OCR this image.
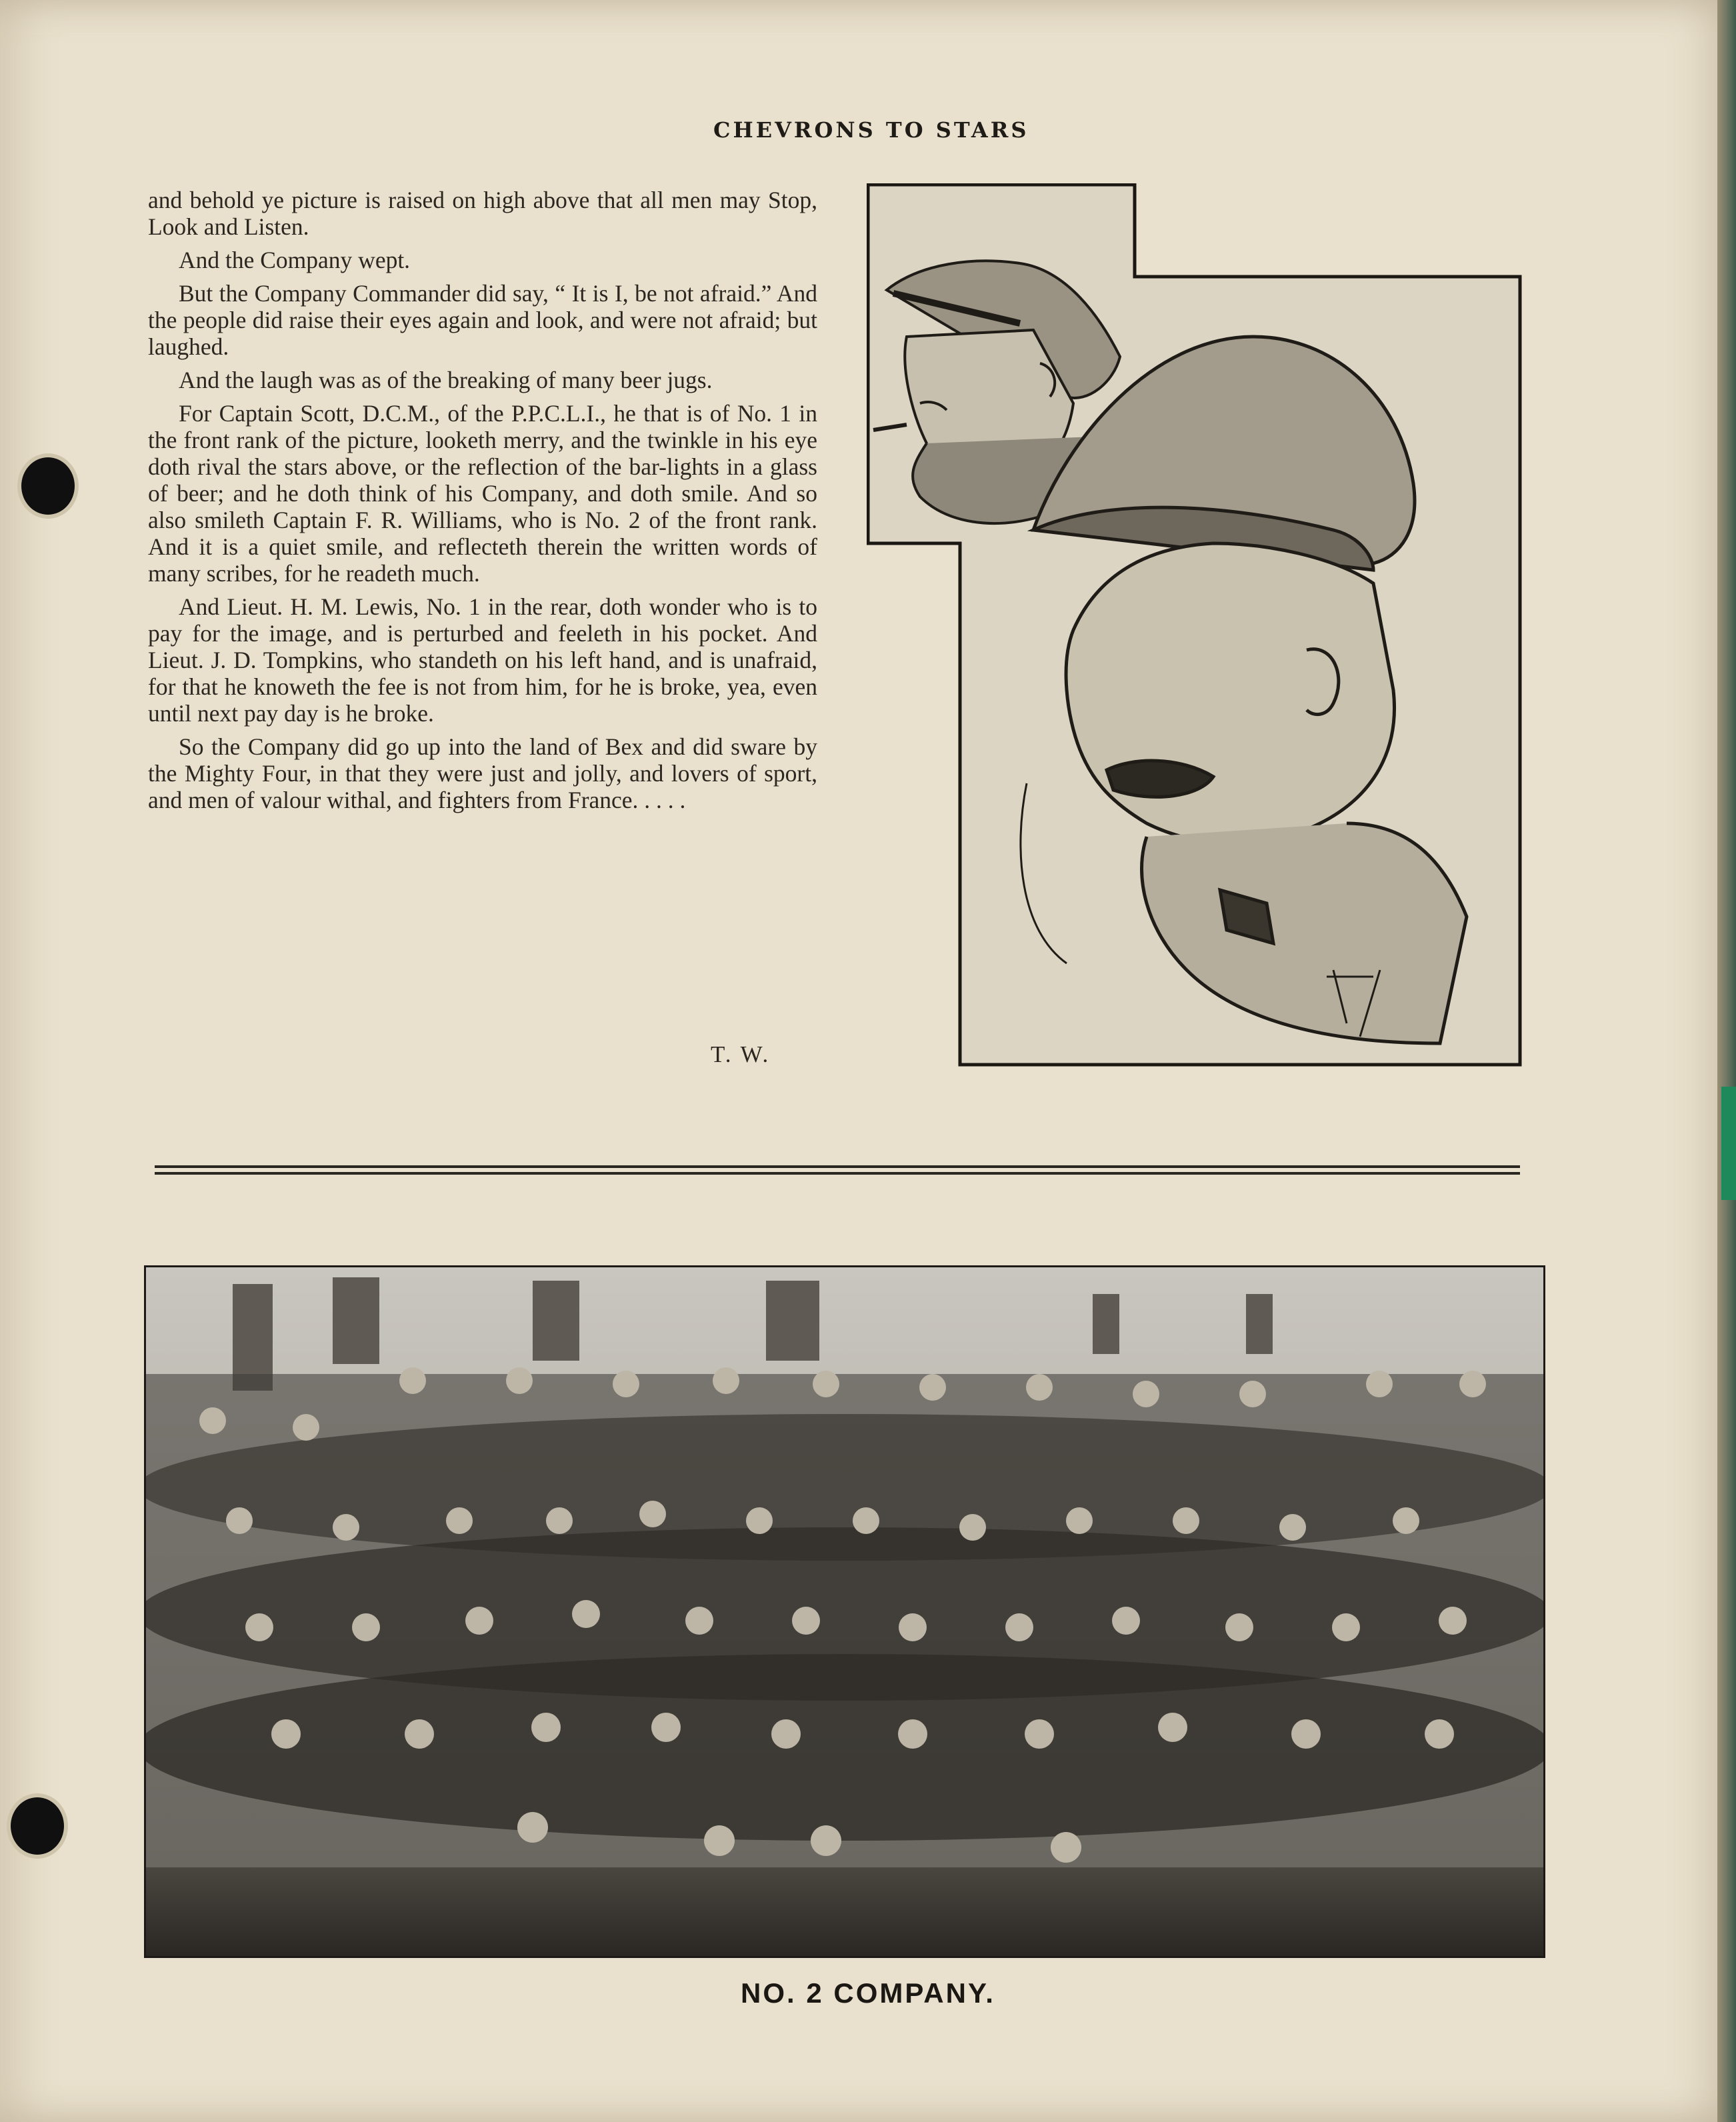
CHEVRONS TO STARS

and behold ye picture is raised on high above that all men may Stop, Look and Listen.

And the Company wept.

But the Company Commander did say, “ It is I, be not afraid.” And the people did raise their eyes again and look, and were not afraid; but laughed.

And the laugh was as of the breaking of many beer jugs.

For Captain Scott, D.C.M., of the P.P.C.L.I., he that is of No. 1 in the front rank of the picture, looketh merry, and the twinkle in his eye doth rival the stars above, or the reflection of the bar-lights in a glass of beer; and he doth think of his Company, and doth smile. And so also smileth Captain F. R. Williams, who is No. 2 of the front rank. And it is a quiet smile, and reflecteth therein the written words of many scribes, for he readeth much.

And Lieut. H. M. Lewis, No. 1 in the rear, doth wonder who is to pay for the image, and is perturbed and feeleth in his pocket. And Lieut. J. D. Tompkins, who standeth on his left hand, and is unafraid, for that he knoweth the fee is not from him, for he is broke, yea, even until next pay day is he broke.

So the Company did go up into the land of Bex and did sware by the Mighty Four, in that they were just and jolly, and lovers of sport, and men of valour withal, and fighters from France. . . . .

T. W.
NO. 2 COMPANY.
